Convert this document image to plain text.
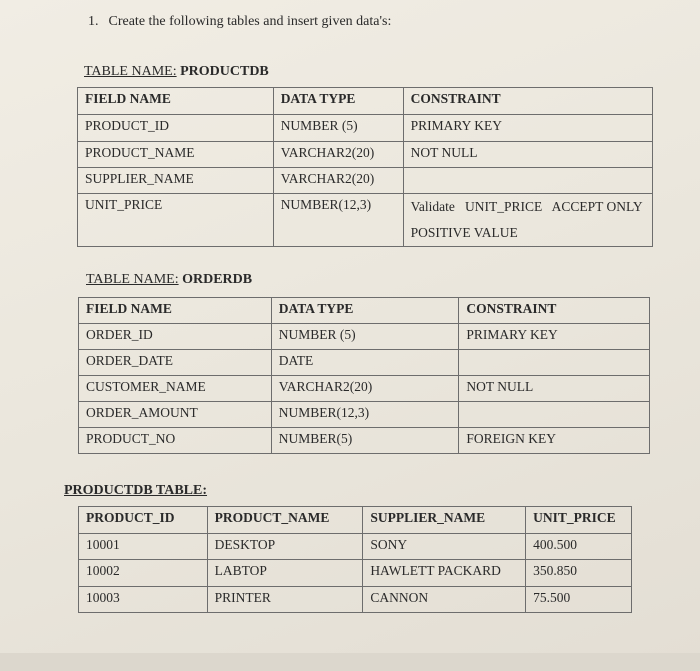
1. Create the following tables and insert given data's:
TABLE NAME: PRODUCTDB
FIELD NAME	DATA TYPE	CONSTRAINT
PRODUCT_ID	NUMBER (5)	PRIMARY KEY
PRODUCT_NAME	VARCHAR2(20)	NOT NULL
SUPPLIER_NAME	VARCHAR2(20)	
UNIT_PRICE	NUMBER(12,3)	Validate   UNIT_PRICE   ACCEPT ONLY POSITIVE VALUE
TABLE NAME: ORDERDB
FIELD NAME	DATA TYPE	CONSTRAINT
ORDER_ID	NUMBER (5)	PRIMARY KEY
ORDER_DATE	DATE	
CUSTOMER_NAME	VARCHAR2(20)	NOT NULL
ORDER_AMOUNT	NUMBER(12,3)	
PRODUCT_NO	NUMBER(5)	FOREIGN KEY
PRODUCTDB TABLE:
PRODUCT_ID	PRODUCT_NAME	SUPPLIER_NAME	UNIT_PRICE
10001	DESKTOP	SONY	400.500
10002	LABTOP	HAWLETT PACKARD	350.850
10003	PRINTER	CANNON	75.500
